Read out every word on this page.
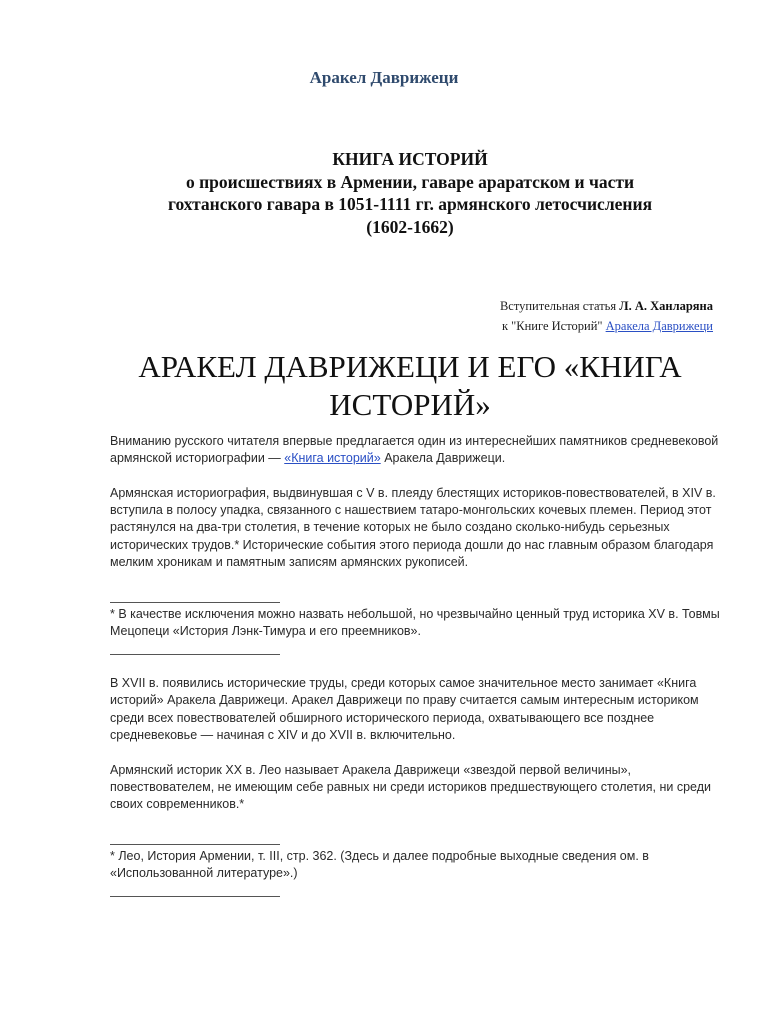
Аракел Даврижеци
КНИГА ИСТОРИЙ
о происшествиях в Армении, гаваре араратском и части
гохтанского гавара в 1051-1111 гг. армянского летосчисления
(1602-1662)
Вступительная статья Л. А. Ханларяна
к "Книге Историй" Аракела Даврижеци
АРАКЕЛ ДАВРИЖЕЦИ И ЕГО «КНИГА ИСТОРИЙ»

Вниманию русского читателя впервые предлагается один из интереснейших памятников средневековой армянской историографии — «Книга историй» Аракела Даврижеци.

Армянская историография, выдвинувшая с V в. плеяду блестящих историков-повествователей, в XIV в. вступила в полосу упадка, связанного с нашествием татаро-монгольских кочевых племен. Период этот растянулся на два-три столетия, в течение которых не было создано сколько-нибудь серьезных исторических трудов.* Исторические события этого периода дошли до нас главным образом благодаря мелким хроникам и памятным записям армянских рукописей.

* В качестве исключения можно назвать небольшой, но чрезвычайно ценный труд историка XV в. Товмы Мецопеци «История Лэнк-Тимура и его преемников».

В XVII в. появились исторические труды, среди которых самое значительное место занимает «Книга историй» Аракела Даврижеци. Аракел Даврижеци по праву считается самым интересным историком среди всех повествователей обширного исторического периода, охватывающего все позднее средневековье — начиная с XIV и до XVII в. включительно.

Армянский историк XX в. Лео называет Аракела Даврижеци «звездой первой величины», повествователем, не имеющим себе равных ни среди историков предшествующего столетия, ни среди своих современников.*

* Лео, История Армении, т. III, стр. 362. (Здесь и далее подробные выходные сведения ом. в «Использованной литературе».)
